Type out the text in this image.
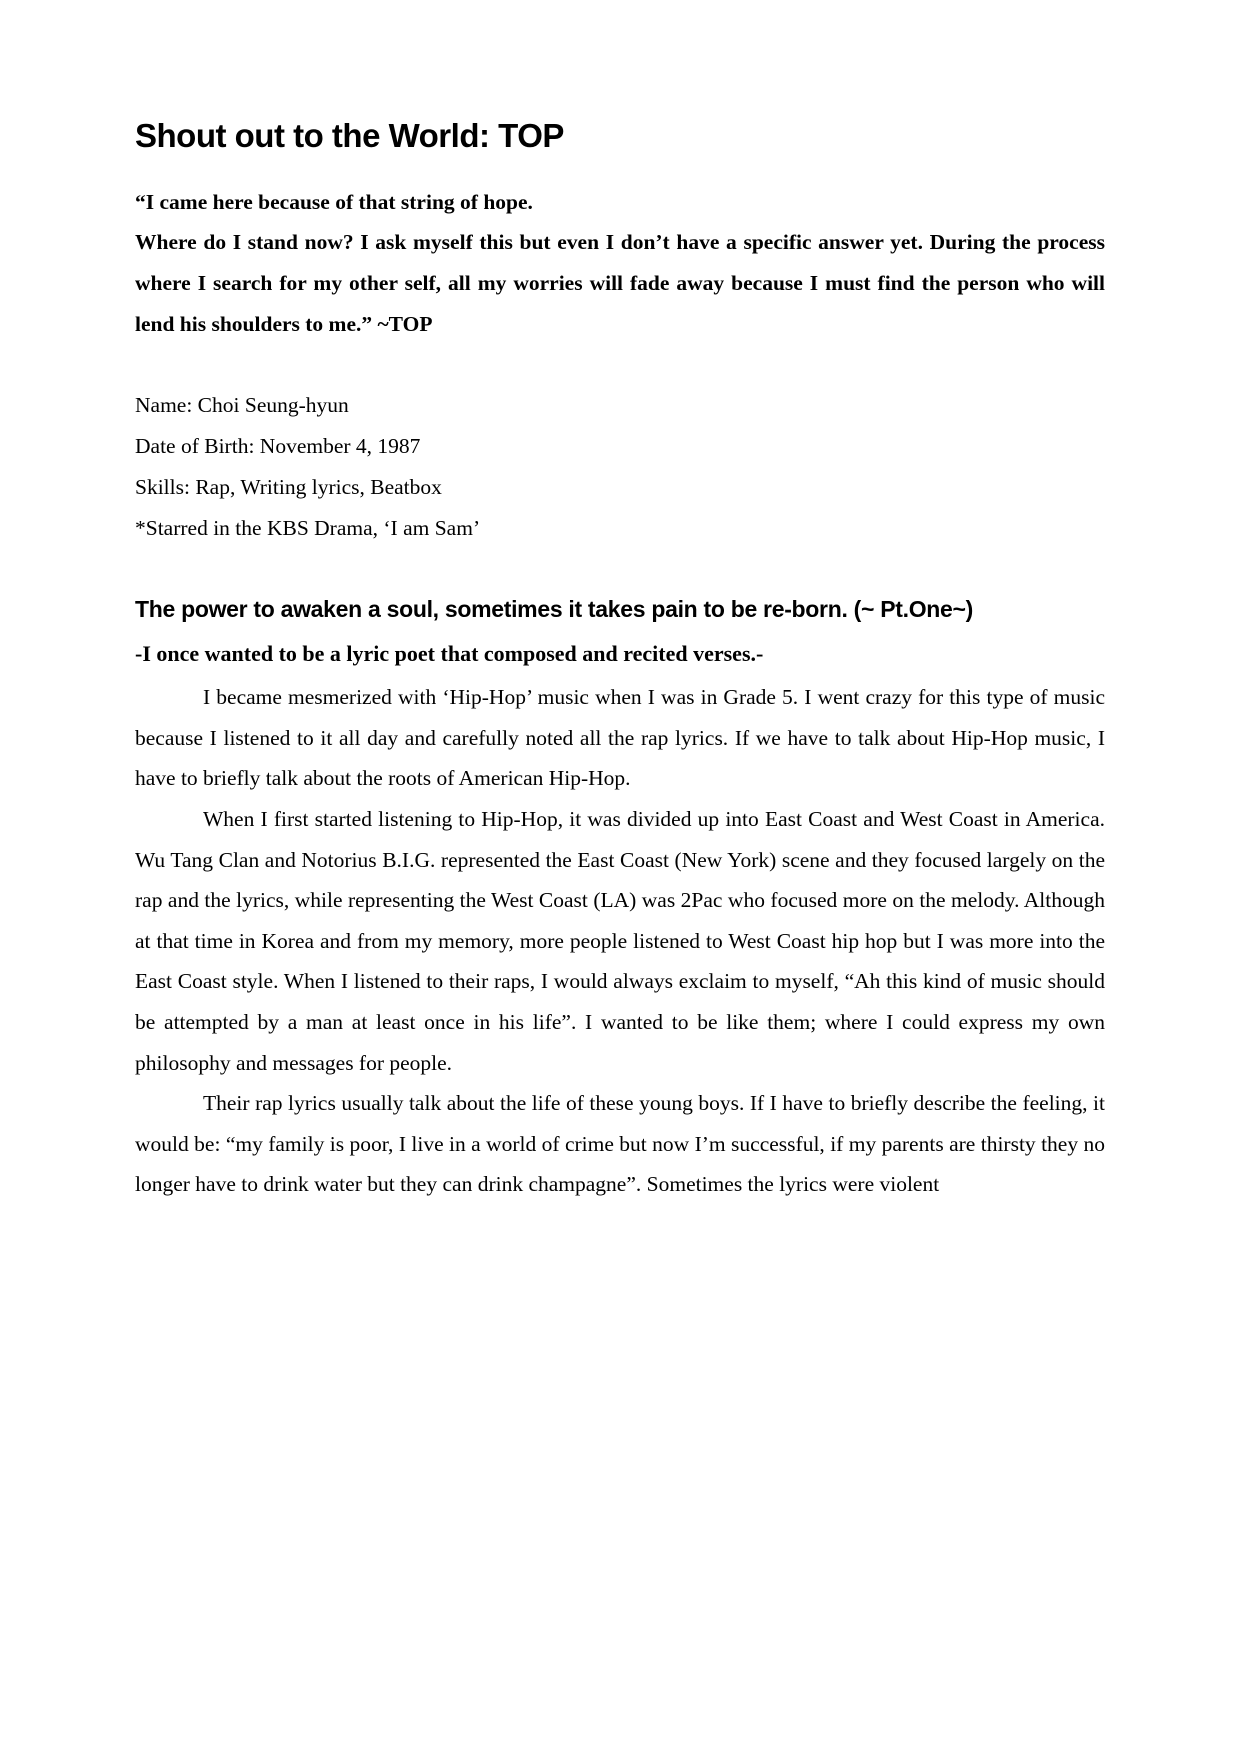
Shout out to the World: TOP

“I came here because of that string of hope.
Where do I stand now? I ask myself this but even I don’t have a specific answer yet. During the process where I search for my other self, all my worries will fade away because I must find the person who will lend his shoulders to me.” ~TOP

Name: Choi Seung-hyun

Date of Birth: November 4, 1987

Skills: Rap, Writing lyrics, Beatbox

*Starred in the KBS Drama, ‘I am Sam’

The power to awaken a soul, sometimes it takes pain to be re-born. (~ Pt.One~)
-I once wanted to be a lyric poet that composed and recited verses.-

I became mesmerized with ‘Hip-Hop’ music when I was in Grade 5. I went crazy for this type of music because I listened to it all day and carefully noted all the rap lyrics. If we have to talk about Hip-Hop music, I have to briefly talk about the roots of American Hip-Hop.

When I first started listening to Hip-Hop, it was divided up into East Coast and West Coast in America. Wu Tang Clan and Notorius B.I.G. represented the East Coast (New York) scene and they focused largely on the rap and the lyrics, while representing the West Coast (LA) was 2Pac who focused more on the melody. Although at that time in Korea and from my memory, more people listened to West Coast hip hop but I was more into the East Coast style. When I listened to their raps, I would always exclaim to myself, “Ah this kind of music should be attempted by a man at least once in his life”. I wanted to be like them; where I could express my own philosophy and messages for people.

Their rap lyrics usually talk about the life of these young boys. If I have to briefly describe the feeling, it would be: “my family is poor, I live in a world of crime but now I’m successful, if my parents are thirsty they no longer have to drink water but they can drink champagne”. Sometimes the lyrics were violent
